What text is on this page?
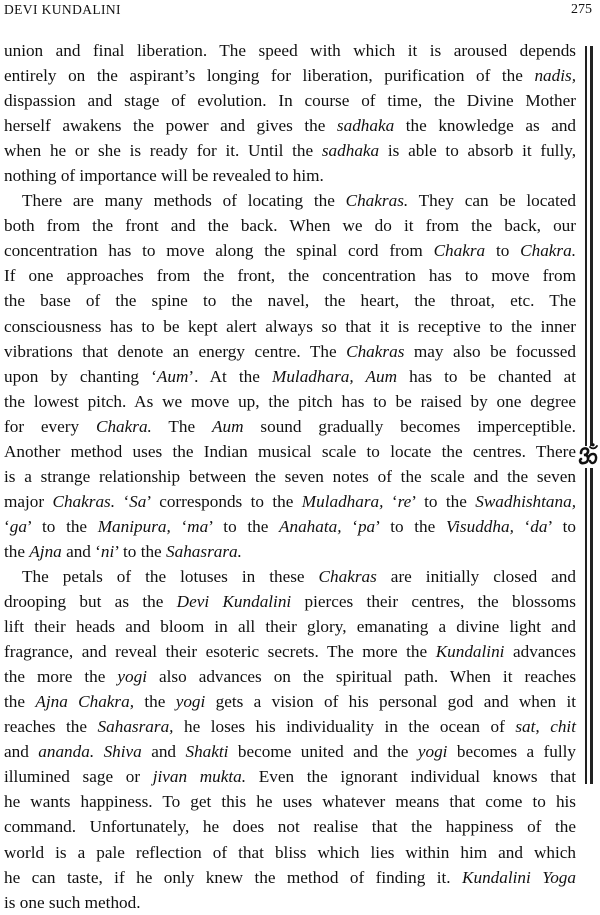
DEVI KUNDALINI	275
union and final liberation. The speed with which it is aroused depends
entirely on the aspirant’s longing for liberation, purification of the nadis,
dispassion and stage of evolution. In course of time, the Divine Mother
herself awakens the power and gives the sadhaka the knowledge as and
when he or she is ready for it. Until the sadhaka is able to absorb it fully,
nothing of importance will be revealed to him.
There are many methods of locating the Chakras. They can be located
both from the front and the back. When we do it from the back, our
concentration has to move along the spinal cord from Chakra to Chakra.
If one approaches from the front, the concentration has to move from
the base of the spine to the navel, the heart, the throat, etc. The
consciousness has to be kept alert always so that it is receptive to the inner
vibrations that denote an energy centre. The Chakras may also be focussed
upon by chanting ‘Aum’. At the Muladhara, Aum has to be chanted at
the lowest pitch. As we move up, the pitch has to be raised by one degree
for every Chakra. The Aum sound gradually becomes imperceptible.
Another method uses the Indian musical scale to locate the centres. There
is a strange relationship between the seven notes of the scale and the seven
major Chakras. ‘Sa’ corresponds to the Muladhara, ‘re’ to the Swadhishtana,
‘ga’ to the Manipura, ‘ma’ to the Anahata, ‘pa’ to the Visuddha, ‘da’ to
the Ajna and ‘ni’ to the Sahasrara.
The petals of the lotuses in these Chakras are initially closed and
drooping but as the Devi Kundalini pierces their centres, the blossoms
lift their heads and bloom in all their glory, emanating a divine light and
fragrance, and reveal their esoteric secrets. The more the Kundalini advances
the more the yogi also advances on the spiritual path. When it reaches
the Ajna Chakra, the yogi gets a vision of his personal god and when it
reaches the Sahasrara, he loses his individuality in the ocean of sat, chit
and ananda. Shiva and Shakti become united and the yogi becomes a fully
illumined sage or jivan mukta. Even the ignorant individual knows that
he wants happiness. To get this he uses whatever means that come to his
command. Unfortunately, he does not realise that the happiness of the
world is a pale reflection of that bliss which lies within him and which
he can taste, if he only knew the method of finding it. Kundalini Yoga
is one such method.
